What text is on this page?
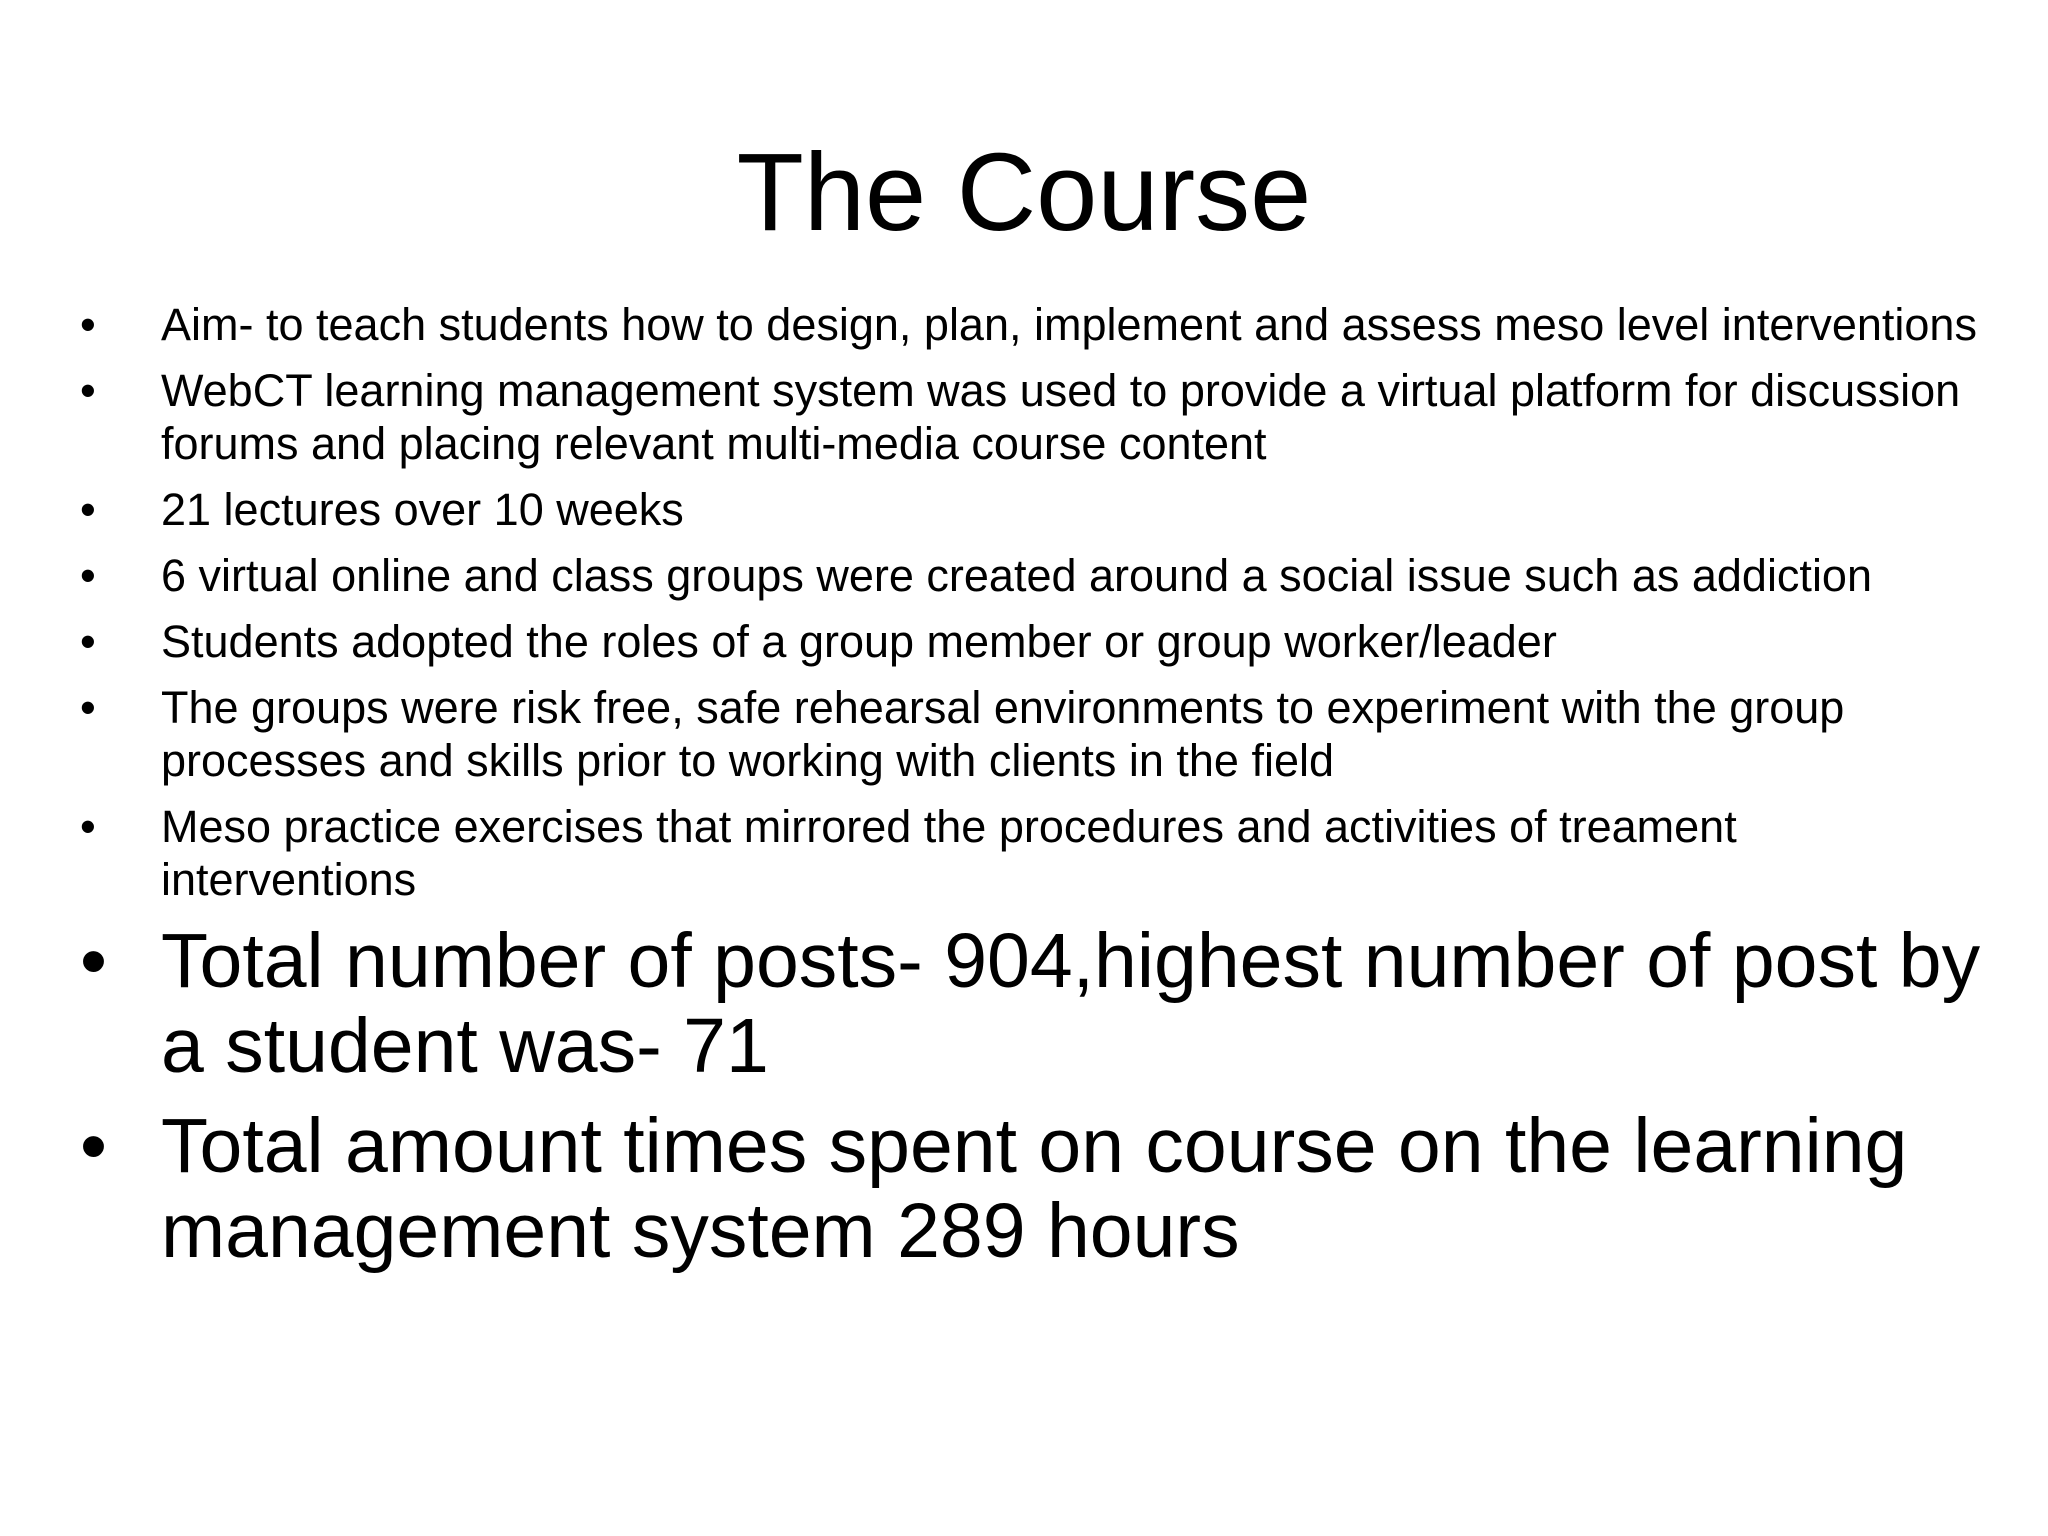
The Course
• Aim- to teach students how to design, plan, implement and assess meso level interventions
• WebCT learning management system was used to provide a virtual platform for discussion forums and placing relevant multi-media course content
• 21 lectures over 10 weeks
• 6 virtual online and class groups were created around a social issue such as addiction
• Students adopted the roles of a group member or group worker/leader
• The groups were risk free, safe rehearsal environments to experiment with the group processes and skills prior to working with clients in the field
• Meso practice exercises that mirrored the procedures and activities of treament interventions
• Total number of posts- 904,highest number of post by a student was- 71
• Total amount times spent on course on the learning management system 289 hours
